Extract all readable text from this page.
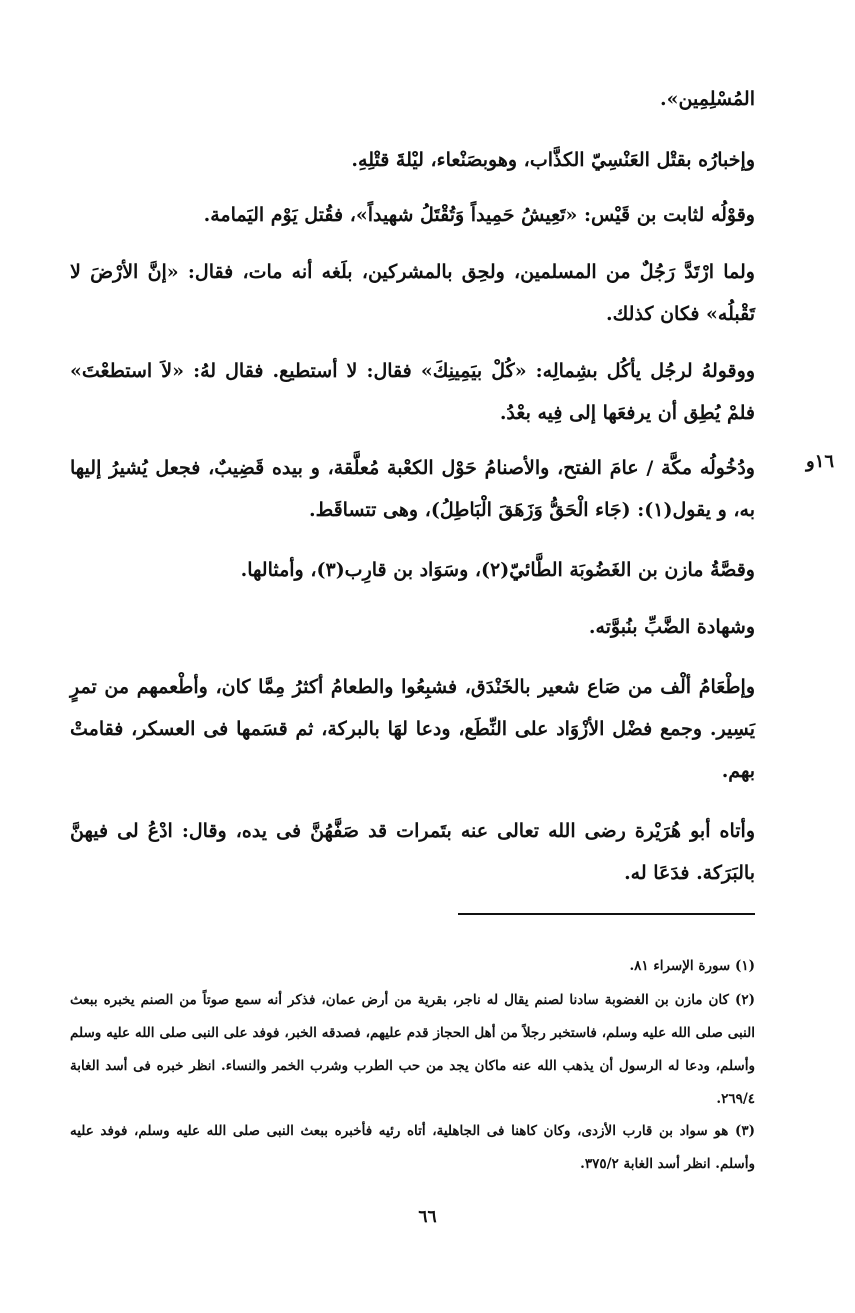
المُسْلِمِين».
وإخبارُه بقتْل العَنْسِيّ الكذَّاب، وهوبصَنْعاء، ليْلةَ قتْلِهِ.
وقوْلُه لثابت بن قَيْس: «تَعِيشُ حَمِيداً وَتُقْتَلُ شهيداً»، فقُتل يَوْم اليَمامة.
ولما ارْتَدَّ رَجُلٌ من المسلمين، ولحِق بالمشركين، بلَغه أنه مات، فقال: «إنَّ الأرْضَ لا تَقْبلُه» فكان كذلك.
ووقولهُ لرجُل يأكُل بشِمالِه: «كُلْ بيَمِينِكَ» فقال: لا أستطيع. فقال لهُ: «لاَ استطعْتَ» فلمْ يُطِق أن يرفعَها إلى فِيه بعْدُ.
ودُخُولُه مكَّة / عامَ الفتح، والأصنامُ حَوْل الكعْبة مُعلَّقة، و بيده قَضِيبٌ، فجعل يُشيرُ إليها به، و يقول(١): (جَاء الْحَقُّ وَزَهَقَ الْبَاطِلُ)، وهى تتساقَط.
وقصَّةُ مازن بن الغَضُوبَة الطَّائيّ(٢)، وسَوَاد بن قارِب(٣)، وأمثالها.
وشهادة الضَّبِّ بنُبوَّته.
وإطْعَامُ ألْف من صَاع شعير بالخَنْدَق، فشبِعُوا والطعامُ أكثرُ مِمَّا كان، وأطْعمهم من تمرٍ يَسِير. وجمع فضْل الأزْوَاد على النِّطَع، ودعا لهَا بالبركة، ثم قسَمها فى العسكر، فقامتْ بهم.
وأتاه أبو هُرَيْرة رضى الله تعالى عنه بتَمرات قد صَفَّهُنَّ فى يده، وقال: ادْعُ لى فيهنَّ بالبَرَكة. فدَعَا له.
١٦و
(١) سورة الإسراء ٨١.
(٢) كان مازن بن الغضوبة سادنا لصنم يقال له ناجر، بقرية من أرض عمان، فذكر أنه سمع صوتاً من الصنم يخبره ببعث النبى صلى الله عليه وسلم، فاستخبر رجلاً من أهل الحجاز قدم عليهم، فصدقه الخبر، فوفد على النبى صلى الله عليه وسلم وأسلم، ودعا له الرسول أن يذهب الله عنه ماكان يجد من حب الطرب وشرب الخمر والنساء. انظر خبره فى أسد الغابة ٢٦٩/٤.
(٣) هو سواد بن قارب الأزدى، وكان كاهنا فى الجاهلية، أتاه رئيه فأخبره ببعث النبى صلى الله عليه وسلم، فوفد عليه وأسلم. انظر أسد الغابة ٣٧٥/٢.
٦٦
